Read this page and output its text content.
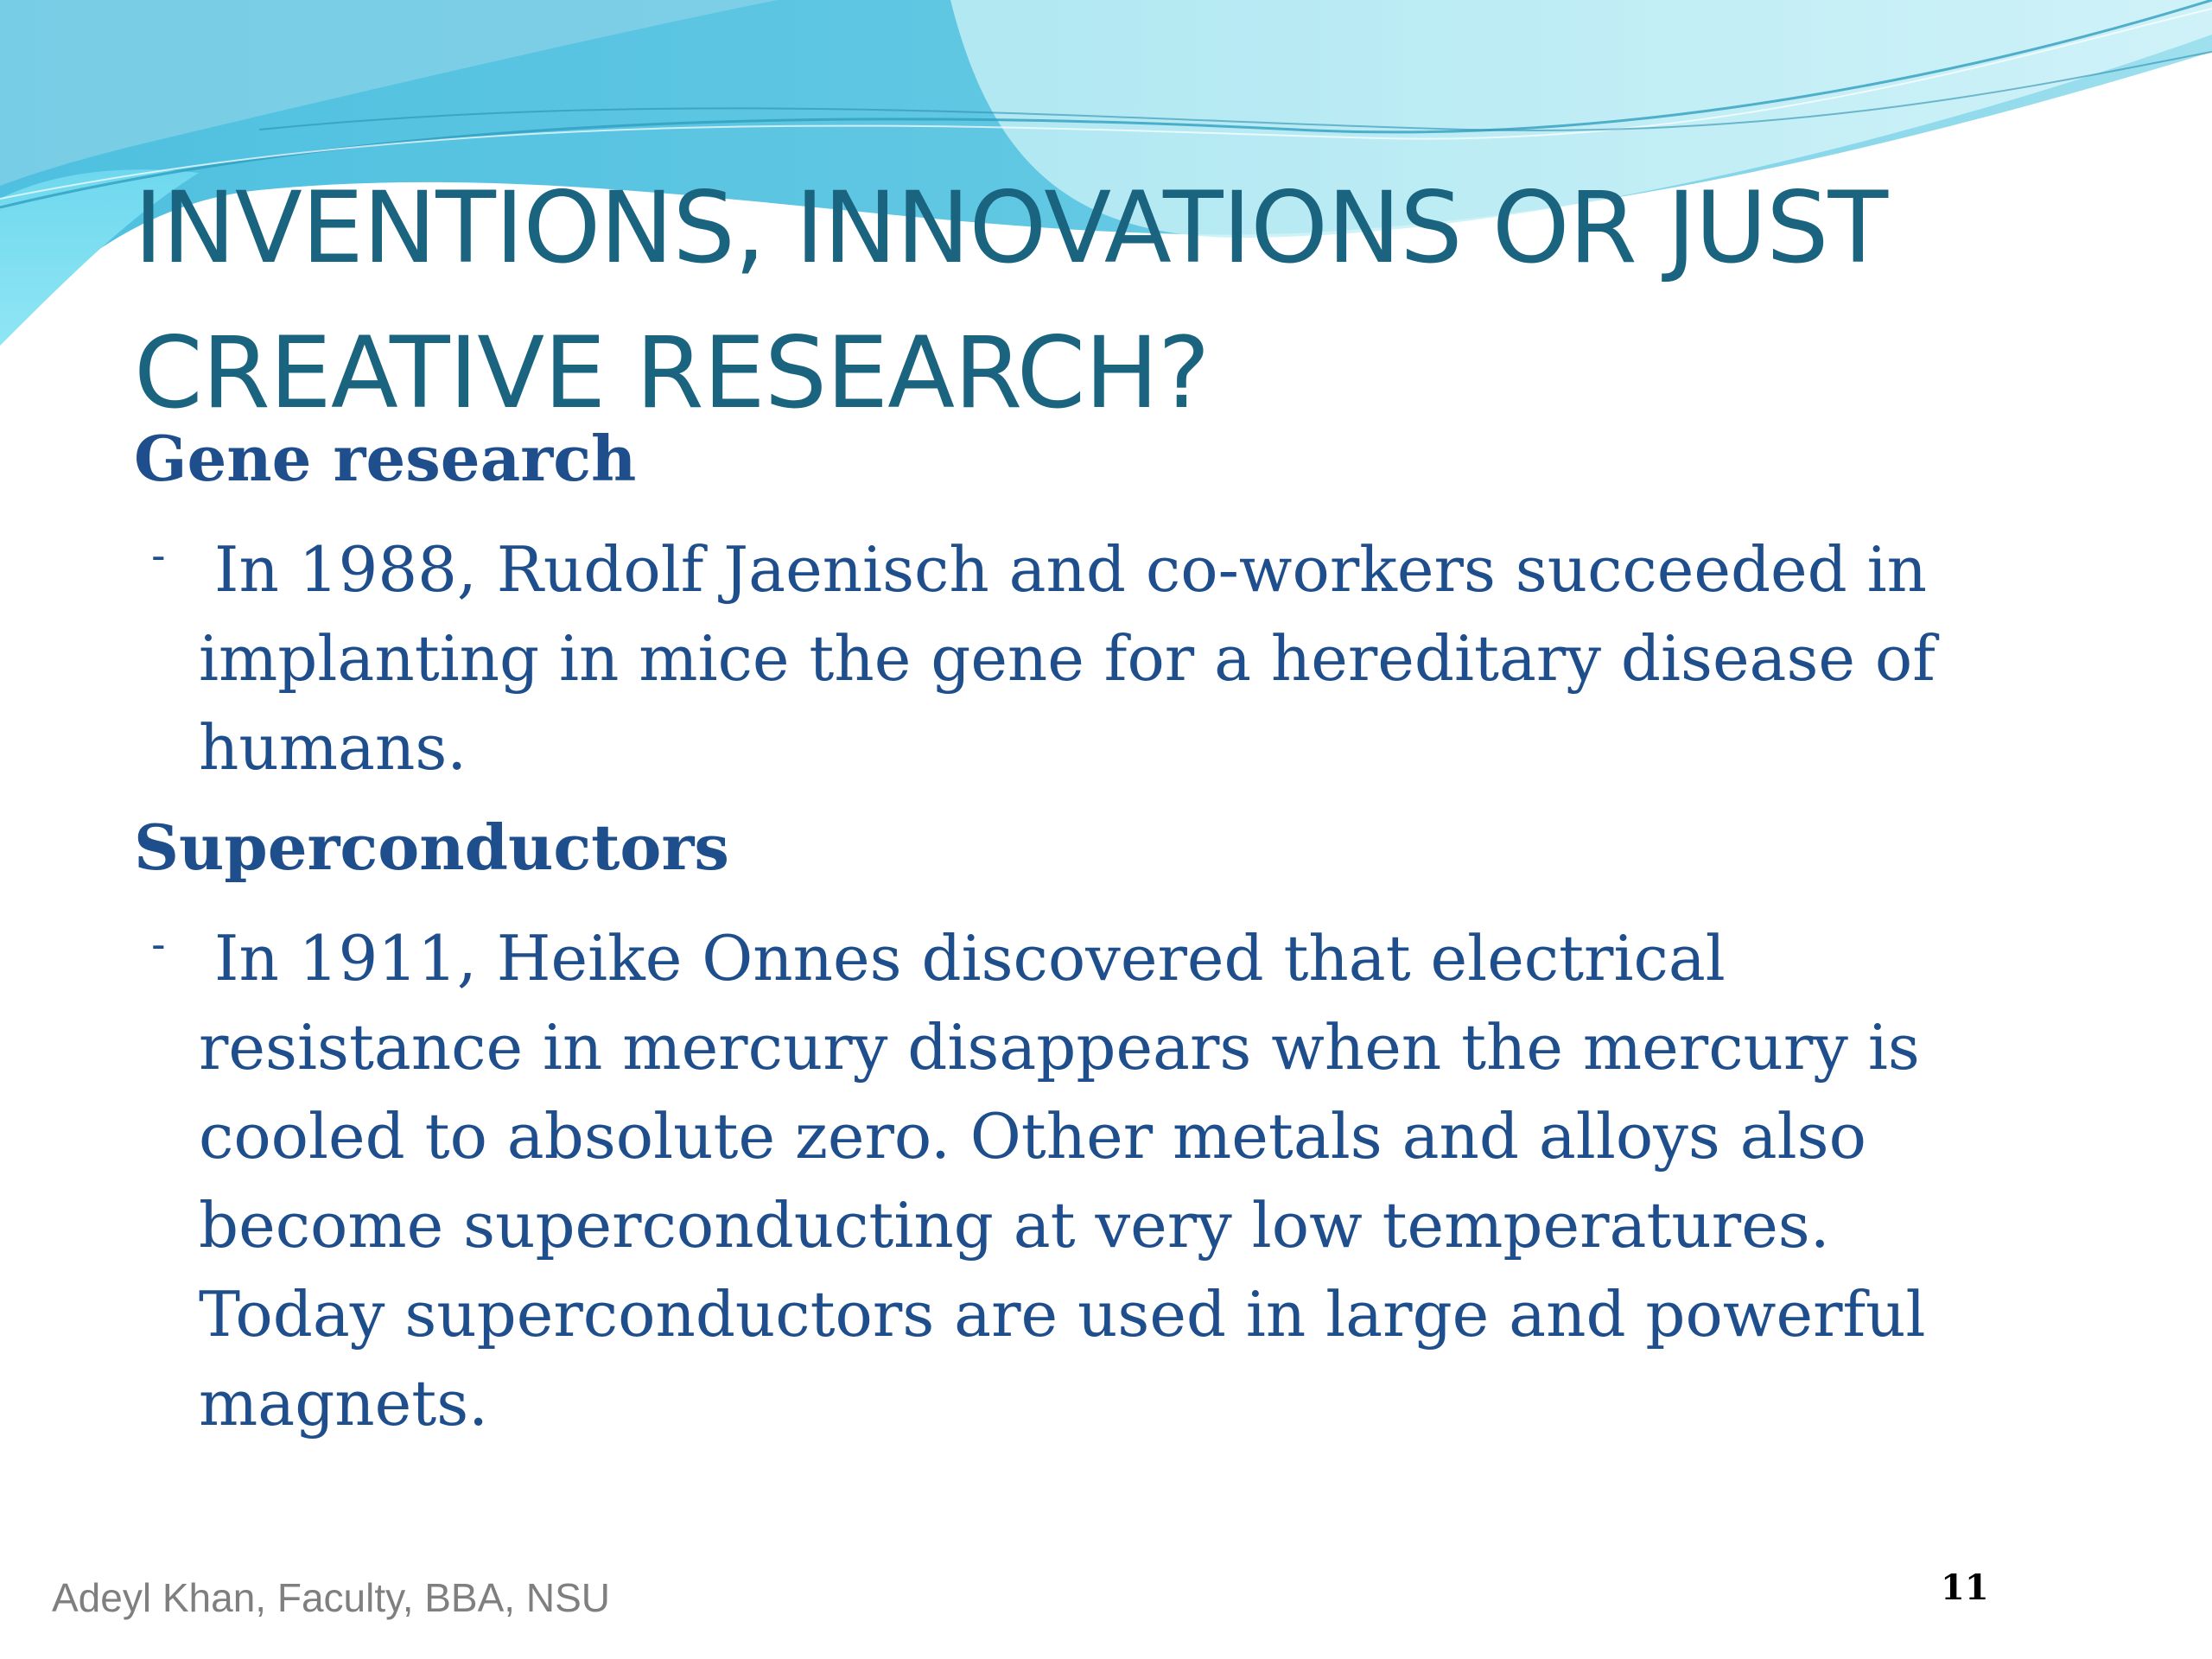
INVENTIONS, INNOVATIONS OR JUST
CREATIVE RESEARCH?
Gene research
- In 1988, Rudolf Jaenisch and co-workers succeeded in
implanting in mice the gene for a hereditary disease of
humans.
Superconductors
- In 1911, Heike Onnes discovered that electrical
resistance in mercury disappears when the mercury is
cooled to absolute zero. Other metals and alloys also
become superconducting at very low temperatures.
Today superconductors are used in large and powerful
magnets.
Adeyl Khan, Faculty, BBA, NSU	11
